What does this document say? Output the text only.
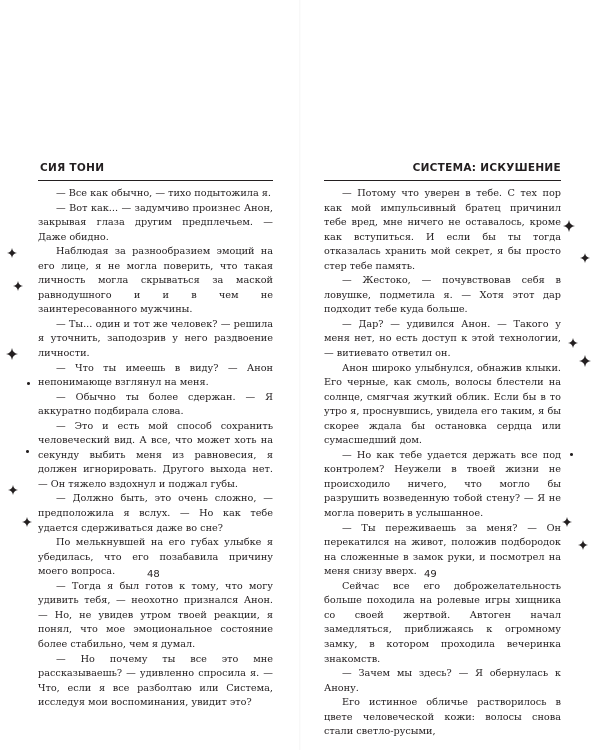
СИЯ ТОНИ

— Все как обычно, — тихо подытожила я.

— Вот как... — задумчиво произнес Анон, закрывая глаза другим предплечьем. — Даже обидно.

Наблюдая за разнообразием эмоций на его лице, я не могла поверить, что такая личность могла скрываться за маской равнодушного и и в чем не заинтересованного мужчины.

— Ты... один и тот же человек? — решила я уточнить, заподозрив у него раздвоение личности.

— Что ты имеешь в виду? — Анон непонимающе взглянул на меня.

— Обычно ты более сдержан. — Я аккуратно подбирала слова.

— Это и есть мой способ сохранить человеческий вид. А все, что может хоть на секунду выбить меня из равновесия, я должен игнорировать. Другого выхода нет. — Он тяжело вздохнул и поджал губы.

— Должно быть, это очень сложно, — предположила я вслух. — Но как тебе удается сдерживаться даже во сне?

По мелькнувшей на его губах улыбке я убедилась, что его позабавила причину моего вопроса.

— Тогда я был готов к тому, что могу удивить тебя, — неохотно признался Анон. — Но, не увидев утром твоей реакции, я понял, что мое эмоциональное состояние более стабильно, чем я думал.

— Но почему ты все это мне рассказываешь? — удивленно спросила я. — Что, если я все разболтаю или Система, исследуя мои воспоминания, увидит это?

48
СИСТЕМА: ИСКУШЕНИЕ

— Потому что уверен в тебе. С тех пор как мой импульсивный братец причинил тебе вред, мне ничего не оставалось, кроме как вступиться. И если бы ты тогда отказалась хранить мой секрет, я бы просто стер тебе память.

— Жестоко, — почувствовав себя в ловушке, подметила я. — Хотя этот дар подходит тебе куда больше.

— Дар? — удивился Анон. — Такого у меня нет, но есть доступ к этой технологии, — витиевато ответил он.

Анон широко улыбнулся, обнажив клыки. Его черные, как смоль, волосы блестели на солнце, смягчая жуткий облик. Если бы в то утро я, проснувшись, увидела его таким, я бы скорее ждала бы остановка сердца или сумасшедший дом.

— Но как тебе удается держать все под контролем? Неужели в твоей жизни не происходило ничего, что могло бы разрушить возведенную тобой стену? — Я не могла поверить в услышанное.

— Ты переживаешь за меня? — Он перекатился на живот, положив подбородок на сложенные в замок руки, и посмотрел на меня снизу вверх.

Сейчас все его доброжелательность больше походила на ролевые игры хищника со своей жертвой. Автоген начал замедляться, приближаясь к огромному замку, в котором проходила вечеринка знакомств.

— Зачем мы здесь? — Я обернулась к Анону.

Его истинное обличье растворилось в цвете человеческой кожи: волосы снова стали светло-русыми,

49
